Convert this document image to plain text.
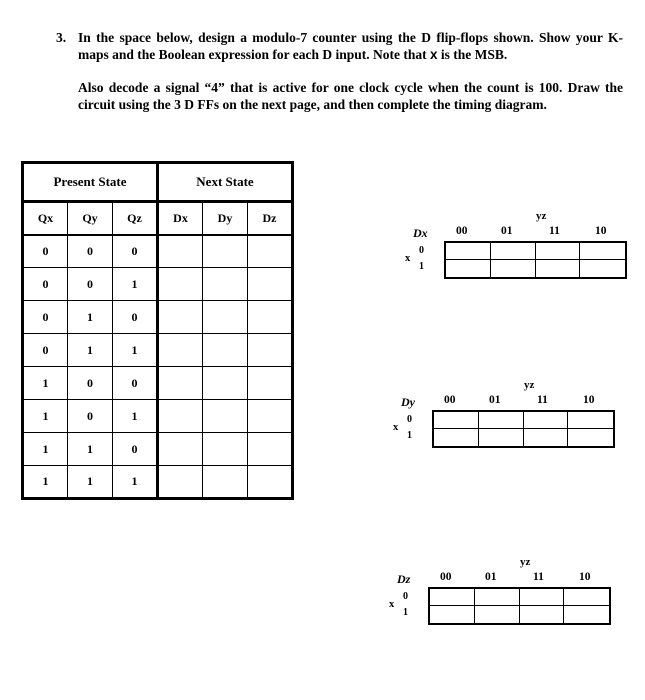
3. In the space below, design a modulo-7 counter using the D flip-flops shown. Show your K-maps and the Boolean expression for each D input. Note that x is the MSB.
Also decode a signal “4” that is active for one clock cycle when the count is 100. Draw the circuit using the 3 D FFs on the next page, and then complete the timing diagram.
Present State			Next State		
Qx	Qy	Qz	Dx	Dy	Dz
0	0	0			
0	0	1			
0	1	0			
0	1	1			
1	0	0			
1	0	1			
1	1	0			
1	1	1			
Dx
yz
00	01	11	10
x
0
1
Dy
yz
00	01	11	10
x
0
1
Dz
yz
00	01	11	10
x
0
1
